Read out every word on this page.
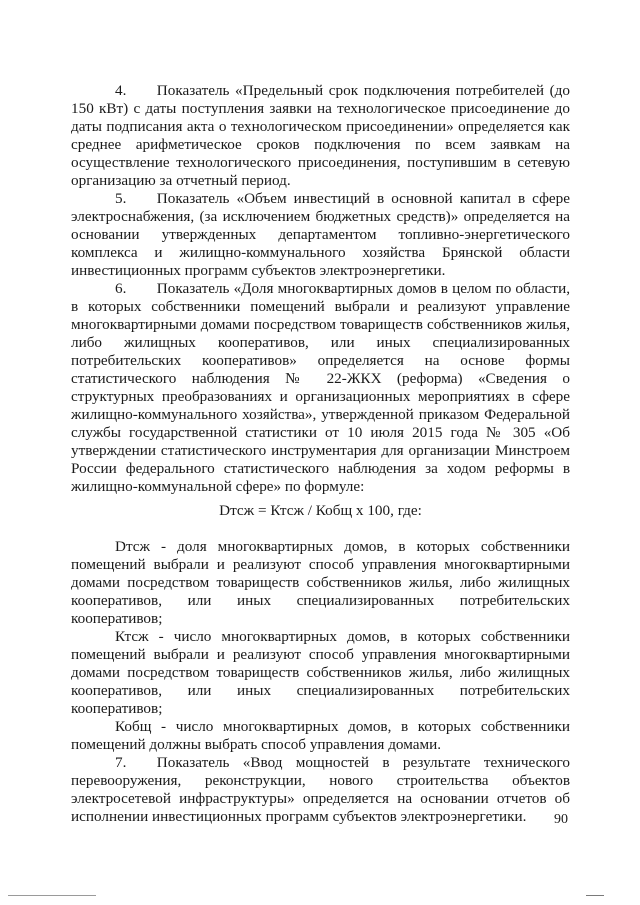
4.  Показатель «Предельный срок подключения потребителей (до 150 кВт) с даты поступления заявки на технологическое присоединение до даты подписания акта о технологическом присоединении» определяется как среднее арифметическое сроков подключения по всем заявкам на осуществление технологического присоединения, поступившим в сетевую организацию за отчетный период.

5.  Показатель «Объем инвестиций в основной капитал в сфере электроснабжения, (за исключением бюджетных средств)» определяется на основании утвержденных департаментом топливно-энергетического комплекса и жилищно-коммунального хозяйства Брянской области инвестиционных программ субъектов электроэнергетики.

6.  Показатель «Доля многоквартирных домов в целом по области, в которых собственники помещений выбрали и реализуют управление многоквартирными домами посредством товариществ собственников жилья, либо жилищных кооперативов, или иных специализированных потребительских кооперативов» определяется на основе формы статистического наблюдения № 22-ЖКХ (реформа) «Сведения о структурных преобразованиях и организационных мероприятиях в сфере жилищно-коммунального хозяйства», утвержденной приказом Федеральной службы государственной статистики от 10 июля 2015 года № 305 «Об утверждении статистического инструментария для организации Минстроем России федерального статистического наблюдения за ходом реформы в жилищно-коммунальной сфере» по формуле:

Dтсж = Ктсж / Кобщ х 100, где:

Dтсж - доля многоквартирных домов, в которых собственники помещений выбрали и реализуют способ управления многоквартирными домами посредством товариществ собственников жилья, либо жилищных кооперативов, или иных специализированных потребительских кооперативов;

Ктсж - число многоквартирных домов, в которых собственники помещений выбрали и реализуют способ управления многоквартирными домами посредством товариществ собственников жилья, либо жилищных кооперативов, или иных специализированных потребительских кооперативов;

Кобщ - число многоквартирных домов, в которых собственники помещений должны выбрать способ управления домами.

7.  Показатель «Ввод мощностей в результате технического перевооружения, реконструкции, нового строительства объектов электросетевой инфраструктуры» определяется на основании отчетов об исполнении инвестиционных программ субъектов электроэнергетики.	90
